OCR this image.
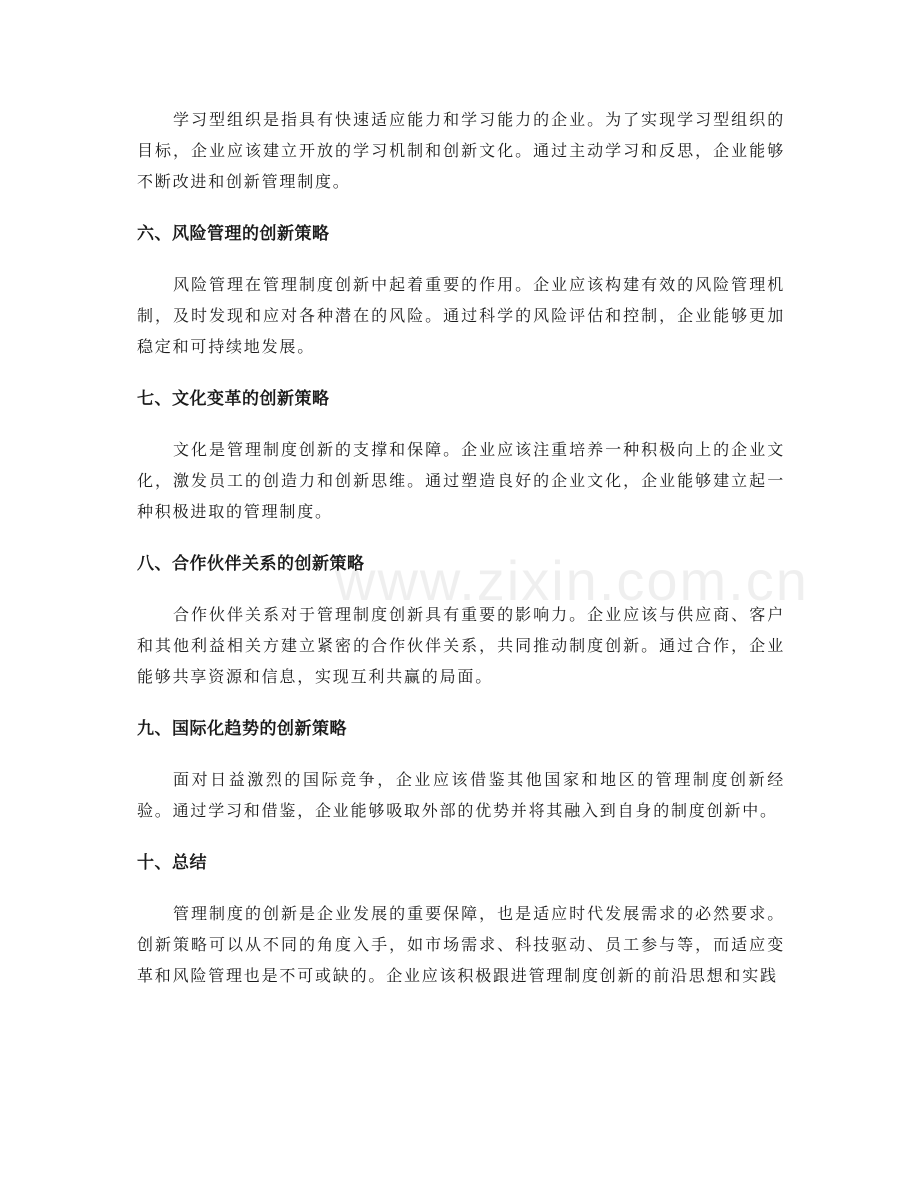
学习型组织是指具有快速适应能力和学习能力的企业。为了实现学习型组织的目标，企业应该建立开放的学习机制和创新文化。通过主动学习和反思，企业能够不断改进和创新管理制度。

六、风险管理的创新策略

风险管理在管理制度创新中起着重要的作用。企业应该构建有效的风险管理机制，及时发现和应对各种潜在的风险。通过科学的风险评估和控制，企业能够更加稳定和可持续地发展。

七、文化变革的创新策略

文化是管理制度创新的支撑和保障。企业应该注重培养一种积极向上的企业文化，激发员工的创造力和创新思维。通过塑造良好的企业文化，企业能够建立起一种积极进取的管理制度。

八、合作伙伴关系的创新策略

合作伙伴关系对于管理制度创新具有重要的影响力。企业应该与供应商、客户和其他利益相关方建立紧密的合作伙伴关系，共同推动制度创新。通过合作，企业能够共享资源和信息，实现互利共赢的局面。

九、国际化趋势的创新策略

面对日益激烈的国际竞争，企业应该借鉴其他国家和地区的管理制度创新经验。通过学习和借鉴，企业能够吸取外部的优势并将其融入到自身的制度创新中。

十、总结

管理制度的创新是企业发展的重要保障，也是适应时代发展需求的必然要求。创新策略可以从不同的角度入手，如市场需求、科技驱动、员工参与等，而适应变革和风险管理也是不可或缺的。企业应该积极跟进管理制度创新的前沿思想和实践

www.zixin.com.cn
